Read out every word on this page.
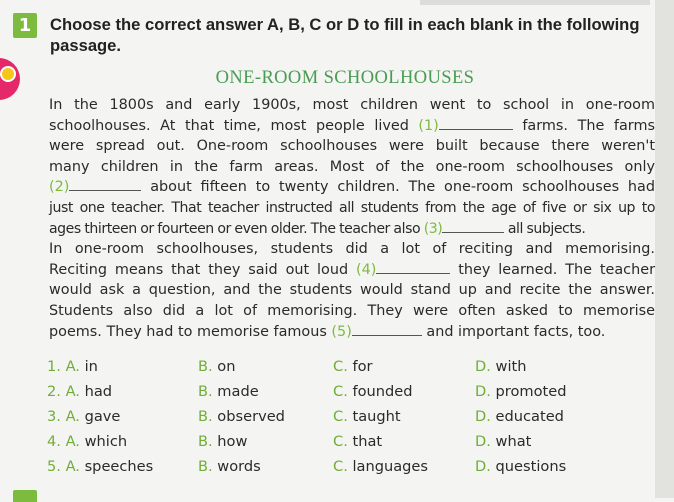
1	Choose the correct answer A, B, C or D to fill in each blank in the following passage.
ONE-ROOM SCHOOLHOUSES
In the 1800s and early 1900s, most children went to school in one-room
schoolhouses. At that time, most people lived (1)	farms. The farms
were spread out. One-room schoolhouses were built because there weren't
many children in the farm areas. Most of the one-room schoolhouses only
(2)	about fifteen to twenty children. The one-room schoolhouses had
just one teacher. That teacher instructed all students from the age of five or six up to
ages thirteen or fourteen or even older. The teacher also (3)	all subjects.
In one-room schoolhouses, students did a lot of reciting and memorising.
Reciting means that they said out loud (4)	they learned. The teacher
would ask a question, and the students would stand up and recite the answer.
Students also did a lot of memorising. They were often asked to memorise
poems. They had to memorise famous (5)	and important facts, too.
1. A. in	B. on	C. for	D. with
2. A. had	B. made	C. founded	D. promoted
3. A. gave	B. observed	C. taught	D. educated
4. A. which	B. how	C. that	D. what
5. A. speeches	B. words	C. languages	D. questions
